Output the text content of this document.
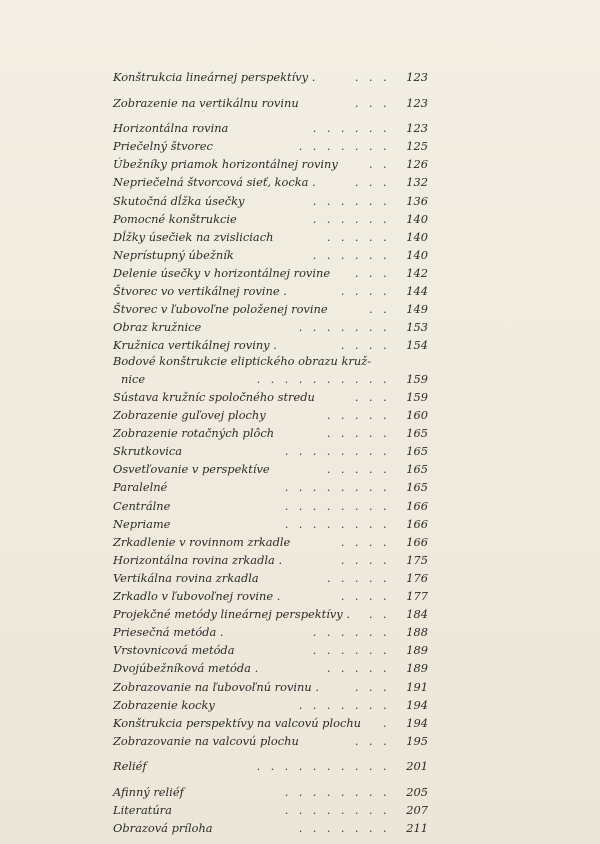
Konštrukcia lineárnej perspektívy .	. . .	123
Zobrazenie na vertikálnu rovinu	. . .	123
Horizontálna rovina	. . . . . .	123
Priečelný štvorec	. . . . . . .	125
Úbežníky priamok horizontálnej roviny	. .	126
Nepriečelná štvorcová sieť, kocka .	. . .	132
Skutočná dĺžka úsečky	. . . . . .	136
Pomocné konštrukcie	. . . . . .	140
Dĺžky úsečiek na zvisliciach	. . . . .	140
Neprístupný úbežník	. . . . . .	140
Delenie úsečky v horizontálnej rovine . . .	142
Štvorec vo vertikálnej rovine .	. . . .	144
Štvorec v ľubovoľne položenej rovine	. .	149
Obraz kružnice	. . . . . . .	153
Kružnica vertikálnej roviny .	. . . .	154
Bodové konštrukcie eliptického obrazu kruž-
nice	. . . . . . . . . .	159
Sústava kružníc spoločného stredu	. . .	159
Zobrazenie guľovej plochy	. . . . .	160
Zobrazenie rotačných plôch	. . . . .	165
Skrutkovica	. . . . . . . .	165
Osvetľovanie v perspektíve	. . . . .	165
Paralelné	. . . . . . . .	165
Centrálne	. . . . . . . .	166
Nepriame	. . . . . . . .	166
Zrkadlenie v rovinnom zrkadle	. . . .	166
Horizontálna rovina zrkadla .	. . . .	175
Vertikálna rovina zrkadla	. . . . .	176
Zrkadlo v ľubovoľnej rovine .	. . . .	177
Projekčné metódy lineárnej perspektívy . . .	184
Priesečná metóda .	. . . . . .	188
Vrstovnicová metóda	. . . . . .	189
Dvojúbežníková metóda .	. . . . .	189
Zobrazovanie na ľubovoľnú rovinu .	. . .	191
Zobrazenie kocky	. . . . . . .	194
Konštrukcia perspektívy na valcovú plochu .	194
Zobrazovanie na valcovú plochu	. . .	195
Reliéf	. . . . . . . . . .	201
Afinný reliéf	. . . . . . . .	205
Literatúra	. . . . . . . .	207
Obrazová príloha	. . . . . . .	211
